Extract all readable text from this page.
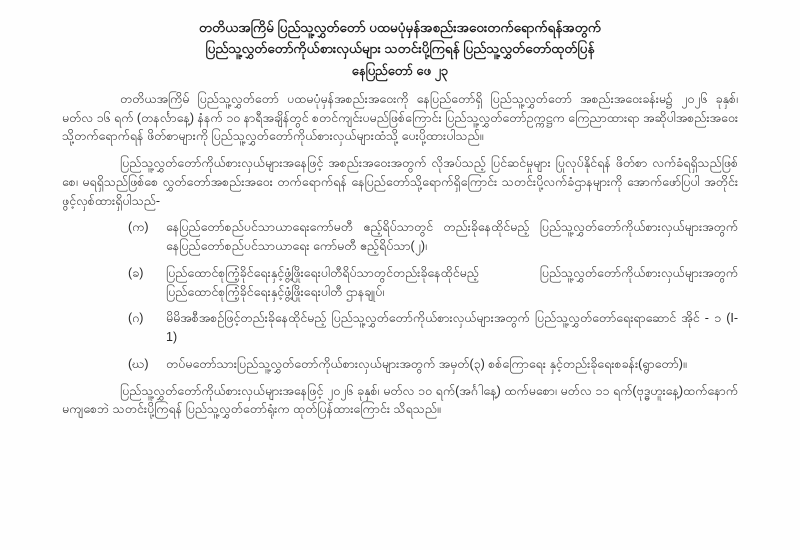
တတိယအကြိမ် ပြည်သူ့လွှတ်တော် ပထမပုံမှန်အစည်းအဝေးတက်ရောက်ရန်အတွက်

ပြည်သူ့လွှတ်တော်ကိုယ်စားလှယ်များ သတင်းပို့ကြရန် ပြည်သူ့လွှတ်တော်ထုတ်ပြန်

နေပြည်တော် ဖေ ၂၃

တတိယအကြိမ် ပြည်သူ့လွှတ်တော် ပထမပုံမှန်အစည်းအဝေးကို နေပြည်တော်ရှိ ပြည်သူ့လွှတ်တော် အစည်းအဝေးခန်းမ၌ ၂၀၂၆ ခုနှစ်၊ မတ်လ ၁၆ ရက် (တနင်္လာနေ့) နံနက် ၁၀ နာရီအချိန်တွင် စတင်ကျင်းပမည်ဖြစ်ကြောင်း ပြည်သူ့လွှတ်တော်ဥက္ကဋ္ဌက ကြေညာထားရာ အဆိုပါအစည်းအဝေးသို့တက်ရောက်ရန် ဖိတ်စာများကို ပြည်သူ့လွှတ်တော်ကိုယ်စားလှယ်များထံသို့ ပေးပို့ထားပါသည်။

ပြည်သူ့လွှတ်တော်ကိုယ်စားလှယ်များအနေဖြင့် အစည်းအဝေးအတွက် လိုအပ်သည့် ပြင်ဆင်မှုများ ပြုလုပ်နိုင်ရန် ဖိတ်စာ လက်ခံရရှိသည်ဖြစ်စေ၊ မရရှိသည်ဖြစ်စေ လွှတ်တော်အစည်းအဝေး တက်ရောက်ရန် နေပြည်တော်သို့ရောက်ရှိကြောင်း သတင်းပို့လက်ခံဌာနများကို အောက်ဖော်ပြပါ အတိုင်း ဖွင့်လှစ်ထားရှိပါသည်-

(က)	နေပြည်တော်စည်ပင်သာယာရေးကော်မတီ ဧည့်ရိပ်သာတွင် တည်းခိုနေထိုင်မည့် ပြည်သူ့လွှတ်တော်ကိုယ်စားလှယ်များအတွက် နေပြည်တော်စည်ပင်သာယာရေး ကော်မတီ ဧည့်ရိပ်သာ(၂)၊
(ခ)	ပြည်ထောင်စုကြံ့ခိုင်ရေးနှင့်ဖွံ့ဖြိုးရေးပါတီရိပ်သာတွင်တည်းခိုနေထိုင်မည့် ပြည်သူ့လွှတ်တော်ကိုယ်စားလှယ်များအတွက် ပြည်ထောင်စုကြံ့ခိုင်ရေးနှင့်ဖွံ့ဖြိုးရေးပါတီ ဌာနချုပ်၊
(ဂ)	မိမိအစီအစဉ်ဖြင့်တည်းခိုနေထိုင်မည့် ပြည်သူ့လွှတ်တော်ကိုယ်စားလှယ်များအတွက် ပြည်သူ့လွှတ်တော်ရေးရာဆောင် အိုင် - ၁ (I-1)
(ဃ)	တပ်မတော်သားပြည်သူ့လွှတ်တော်ကိုယ်စားလှယ်များအတွက် အမှတ်(၃) စစ်ကြောရေး နှင့်တည်းခိုရေးစခန်း(ရွာတော်)။

ပြည်သူ့လွှတ်တော်ကိုယ်စားလှယ်များအနေဖြင့် ၂၀၂၆ ခုနှစ်၊ မတ်လ ၁၀ ရက်(အင်္ဂါနေ့) ထက်မစော၊ မတ်လ ၁၁ ရက်(ဗုဒ္ဓဟူးနေ့)ထက်နောက်မကျစေဘဲ သတင်းပို့ကြရန် ပြည်သူ့လွှတ်တော်ရုံးက ထုတ်ပြန်ထားကြောင်း သိရသည်။
